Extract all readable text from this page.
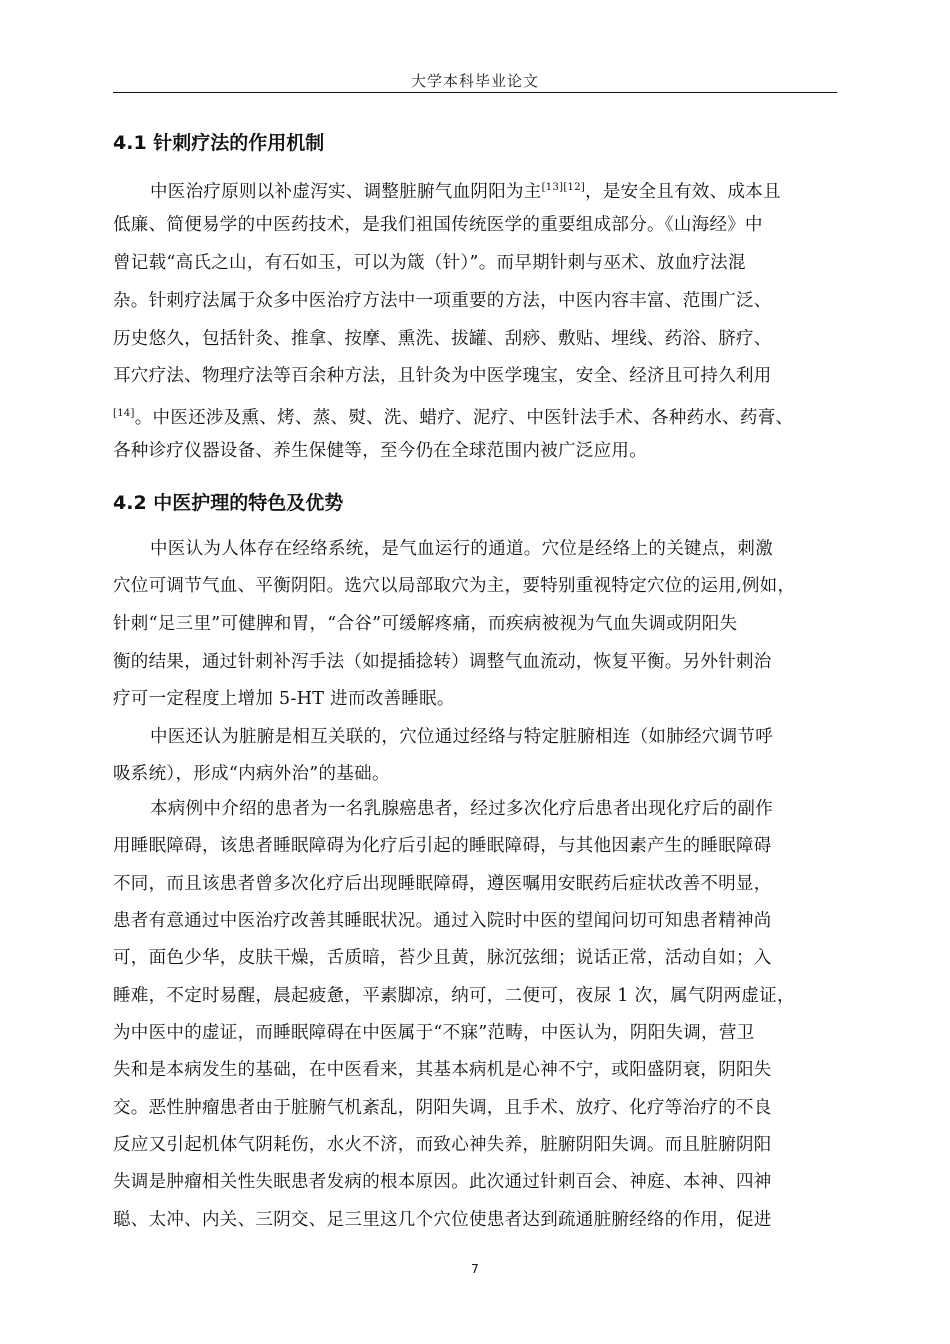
大学本科毕业论文
4.1 针刺疗法的作用机制
中医治疗原则以补虚泻实、调整脏腑气血阴阳为主[13][12]，是安全且有效、成本且
低廉、简便易学的中医药技术，是我们祖国传统医学的重要组成部分。《山海经》中
曾记载“高氏之山，有石如玉，可以为箴（针）”。而早期针刺与巫术、放血疗法混
杂。针刺疗法属于众多中医治疗方法中一项重要的方法，中医内容丰富、范围广泛、
历史悠久，包括针灸、推拿、按摩、熏洗、拔罐、刮痧、敷贴、埋线、药浴、脐疗、
耳穴疗法、物理疗法等百余种方法，且针灸为中医学瑰宝，安全、经济且可持久利用
[14]。中医还涉及熏、烤、蒸、熨、洗、蜡疗、泥疗、中医针法手术、各种药水、药膏、
各种诊疗仪器设备、养生保健等，至今仍在全球范围内被广泛应用。
4.2 中医护理的特色及优势
中医认为人体存在经络系统，是气血运行的通道。穴位是经络上的关键点，刺激
穴位可调节气血、平衡阴阳。选穴以局部取穴为主，要特别重视特定穴位的运用,例如，
针刺“足三里”可健脾和胃，“合谷”可缓解疼痛，而疾病被视为气血失调或阴阳失
衡的结果，通过针刺补泻手法（如提插捻转）调整气血流动，恢复平衡。另外针刺治
疗可一定程度上增加 5-HT 进而改善睡眠。
中医还认为脏腑是相互关联的，穴位通过经络与特定脏腑相连（如肺经穴调节呼
吸系统），形成“内病外治”的基础。
本病例中介绍的患者为一名乳腺癌患者，经过多次化疗后患者出现化疗后的副作
用睡眠障碍，该患者睡眠障碍为化疗后引起的睡眠障碍，与其他因素产生的睡眠障碍
不同，而且该患者曾多次化疗后出现睡眠障碍，遵医嘱用安眠药后症状改善不明显，
患者有意通过中医治疗改善其睡眠状况。通过入院时中医的望闻问切可知患者精神尚
可，面色少华，皮肤干燥，舌质暗，苔少且黄，脉沉弦细；说话正常，活动自如；入
睡难，不定时易醒，晨起疲惫，平素脚凉，纳可，二便可，夜尿 1 次，属气阴两虚证，
为中医中的虚证，而睡眠障碍在中医属于“不寐”范畴，中医认为，阴阳失调，营卫
失和是本病发生的基础，在中医看来，其基本病机是心神不宁，或阳盛阴衰，阴阳失
交。恶性肿瘤患者由于脏腑气机紊乱，阴阳失调，且手术、放疗、化疗等治疗的不良
反应又引起机体气阴耗伤，水火不济，而致心神失养，脏腑阴阳失调。而且脏腑阴阳
失调是肿瘤相关性失眠患者发病的根本原因。此次通过针刺百会、神庭、本神、四神
聪、太冲、内关、三阴交、足三里这几个穴位使患者达到疏通脏腑经络的作用，促进
7
